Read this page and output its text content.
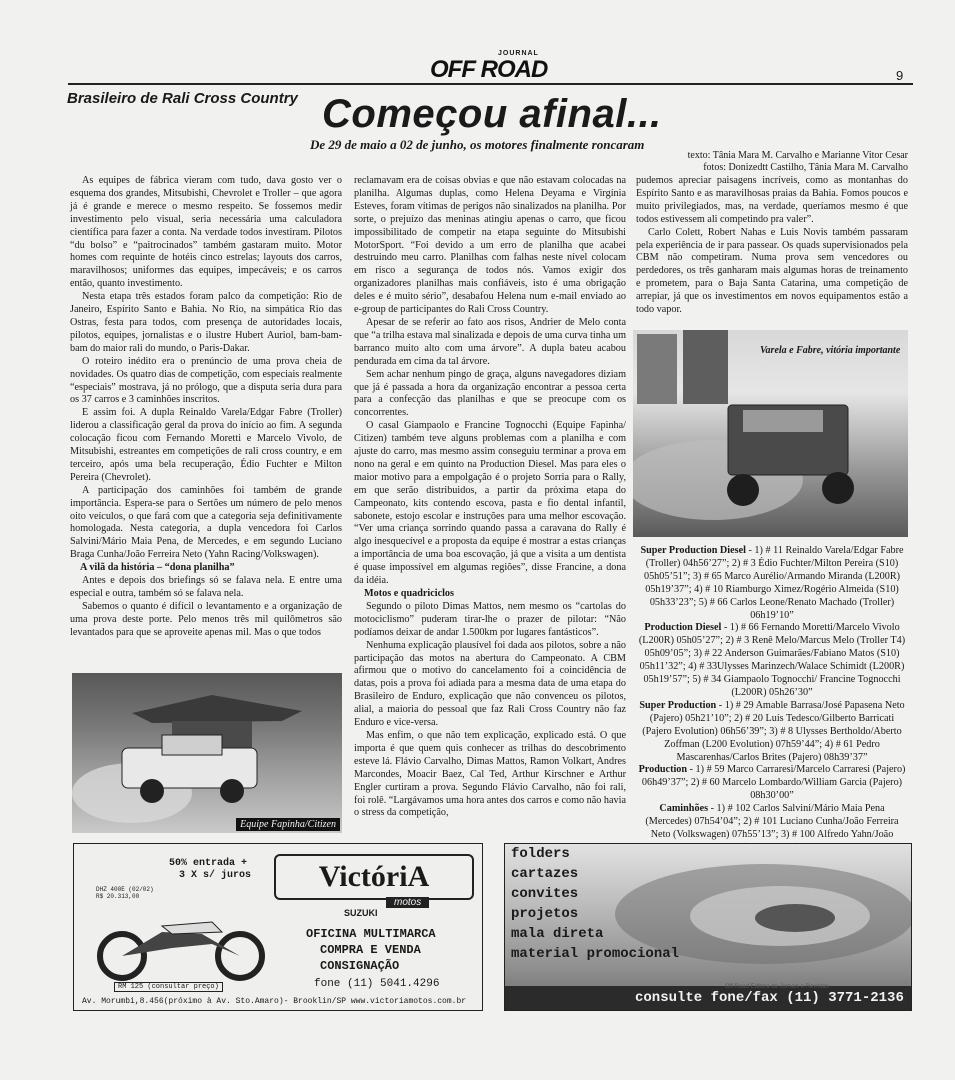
JOURNAL
OFF ROAD	9
Brasileiro de Rali Cross Country Começou afinal...
De 29 de maio a 02 de junho, os motores finalmente roncaram
texto: Tânia Mara M. Carvalho e Marianne Vitor Cesar
fotos: Donizedtt Castilho, Tânia Mara M. Carvalho

As equipes de fábrica vieram com tudo, dava gosto ver o esquema dos grandes, Mitsubishi, Chevrolet e Troller – que agora já é grande e merece o mesmo respeito. Se fossemos medir investimento pelo visual, seria necessária uma calculadora científica para fazer a conta. Na verdade todos investiram. Pilotos “du bolso” e “paitrocinados” também gastaram muito. Motor homes com requinte de hotéis cinco estrelas; layouts dos carros, maravilhosos; uniformes das equipes, impecáveis; e os carros então, quanto investimento.

Nesta etapa três estados foram palco da competição: Rio de Janeiro, Espírito Santo e Bahia. No Rio, na simpática Rio das Ostras, festa para todos, com presença de autoridades locais, pilotos, equipes, jornalistas e o ilustre Hubert Auriol, bam-bam-bam do maior rali do mundo, o Paris-Dakar.

O roteiro inédito era o prenúncio de uma prova cheia de novidades. Os quatro dias de competição, com especiais realmente “especiais” mostrava, já no prólogo, que a disputa seria dura para os 37 carros e 3 caminhões inscritos.

E assim foi. A dupla Reinaldo Varela/Edgar Fabre (Troller) liderou a classificação geral da prova do início ao fim. A segunda colocação ficou com Fernando Moretti e Marcelo Vivolo, de Mitsubishi, estreantes em competições de rali cross country, e em terceiro, após uma bela recuperação, Édio Fuchter e Milton Pereira (Chevrolet).

A participação dos caminhões foi também de grande importância. Espera-se para o Sertões um número de pelo menos oito veículos, o que fará com que a categoria seja definitivamente homologada. Nesta categoria, a dupla vencedora foi Carlos Salvini/Mário Maia Pena, de Mercedes, e em segundo Luciano Braga Cunha/João Ferreira Neto (Yahn Racing/Volkswagen).

A vilã da história – “dona planilha”

Antes e depois dos briefings só se falava nela. E entre uma especial e outra, também só se falava nela.

Sabemos o quanto é difícil o levantamento e a organização de uma prova deste porte. Pelo menos três mil quilômetros são levantados para que se aproveite apenas mil. Mas o que todos

reclamavam era de coisas obvias e que não estavam colocadas na planilha. Algumas duplas, como Helena Deyama e Virgínia Esteves, foram vítimas de perigos não sinalizados na planilha. Por sorte, o prejuízo das meninas atingiu apenas o carro, que ficou impossibilitado de competir na etapa seguinte do Mitsubishi MotorSport. “Foi devido a um erro de planilha que acabei destruindo meu carro. Planilhas com falhas neste nível colocam em risco a segurança de todos nós. Vamos exigir dos organizadores planilhas mais confiáveis, isto é uma obrigação deles e é muito sério”, desabafou Helena num e-mail enviado ao e-group de participantes do Rali Cross Country.

Apesar de se referir ao fato aos risos, Andrier de Melo conta que “a trilha estava mal sinalizada e depois de uma curva tinha um barranco muito alto com uma árvore”. A dupla bateu acabou pendurada em cima da tal árvore.

Sem achar nenhum pingo de graça, alguns navegadores diziam que já é passada a hora da organização encontrar a pessoa certa para a confecção das planilhas e que se preocupe com os concorrentes.

O casal Giampaolo e Francine Tognocchi (Equipe Fapinha/ Citizen) também teve alguns problemas com a planilha e com ajuste do carro, mas mesmo assim conseguiu terminar a prova em nono na geral e em quinto na Production Diesel. Mas para eles o maior motivo para a empolgação é o projeto Sorria para o Rally, em que serão distribuidos, a partir da próxima etapa do Campeonato, kits contendo escova, pasta e fio dental infantil, sabonete, estojo escolar e instruções para uma melhor escovação. “Ver uma criança sorrindo quando passa a caravana do Rally é algo inesquecível e a proposta da equipe é mostrar a estas crianças a importância de uma boa escovação, já que a visita a um dentista é quase impossível em algumas regiões”, disse Francine, a dona da idéia.

Motos e quadriciclos

Segundo o piloto Dimas Mattos, nem mesmo os “cartolas do motociclismo” puderam tirar-lhe o prazer de pilotar: “Não podíamos deixar de andar 1.500km por lugares fantásticos”.

Nenhuma explicação plausível foi dada aos pilotos, sobre a não participação das motos na abertura do Campeonato. A CBM afirmou que o motivo do cancelamento foi a coincidência de datas, pois a prova foi adiada para a mesma data de uma etapa do Brasileiro de Enduro, explicação que não convenceu os pilotos, alial, a maioria do pessoal que faz Rali Cross Country não faz Enduro e vice-versa.

Mas enfim, o que não tem explicação, explicado está. O que importa é que quem quis conhecer as trilhas do descobrimento esteve lá. Flávio Carvalho, Dimas Mattos, Ramon Volkart, Andres Marcondes, Moacir Baez, Cal Ted, Arthur Kirschner e Arthur Engler curtiram a prova. Segundo Flávio Carvalho, não foi rali, foi rolê. “Largávamos uma hora antes dos carros e como não havia o stress da competição,

pudemos apreciar paisagens incríveis, como as montanhas do Espírito Santo e as maravilhosas praias da Bahia. Fomos poucos e muito privilegiados, mas, na verdade, queríamos mesmo é que todos estivessem ali competindo pra valer”.

Carlo Colett, Robert Nahas e Luis Novis também passaram pela experiência de ir para passear. Os quads supervisionados pela CBM não competiram. Numa prova sem vencedores ou perdedores, os três ganharam mais algumas horas de treinamento e prometem, para o Baja Santa Catarina, uma competição de arrepiar, já que os investimentos em novos equipamentos estão a todo vapor.

Equipe Fapinha/Citizen
Varela e Fabre, vitória importante
Super Production Diesel - 1) # 11 Reinaldo Varela/Edgar Fabre (Troller) 04h56’27”; 2) # 3 Édio Fuchter/Milton Pereira (S10) 05h05’51”; 3) # 65 Marco Aurélio/Armando Miranda (L200R) 05h19’37”; 4) # 10 Riamburgo Ximez/Rogério Almeida (S10) 05h33’23”; 5) # 66 Carlos Leone/Renato Machado (Troller) 06h19’10”
Production Diesel - 1) # 66 Fernando Moretti/Marcelo Vivolo (L200R) 05h05’27”; 2) # 3 Renê Melo/Marcus Melo (Troller T4) 05h09’05”; 3) # 22 Anderson Guimarães/Fabiano Matos (S10) 05h11’32”; 4) # 33Ulysses Marinzech/Walace Schimidt (L200R) 05h19’57”; 5) # 34 Giampaolo Tognocchi/ Francine Tognocchi (L200R) 05h26’30”
Super Production - 1) # 29 Amable Barrasa/José Papasena Neto (Pajero) 05h21’10”; 2) # 20 Luís Tedesco/Gilberto Barricati (Pajero Evolution) 06h56’39”; 3) # 8 Ulysses Bertholdo/Aberto Zoffman (L200 Evolution) 07h59’44”; 4) # 61 Pedro Mascarenhas/Carlos Brites (Pajero) 08h39’37”
Production - 1) # 59 Marco Carraresi/Marcelo Carraresi (Pajero) 06h49’37”; 2) # 60 Marcelo Lombardo/William Garcia (Pajero) 08h30’00”
Caminhões - 1) # 102 Carlos Salvini/Mário Maia Pena (Mercedes) 07h54’04”; 2) # 101 Luciano Cunha/João Ferreira Neto (Volkswagen) 07h55’13”; 3) # 100 Alfredo Yahn/João
50% entrada +
3 X s/ juros
DHZ 400E (02/02)
R$ 20.313,00
VictóriA
motos
SUZUKI
OFICINA MULTIMARCA
COMPRA E VENDA
CONSIGNAÇÃO
fone (11) 5041.4296
RM 125 (consultar preço)
Av. Morumbi,8.456(próximo à Av. Sto.Amaro)- Brooklin/SP www.victoriamotos.com.br
folders
cartazes
convites
projetos
mala direta
material promocional
Off Road Editora de Jornais e Revistas
consulte fone/fax (11) 3771-2136
